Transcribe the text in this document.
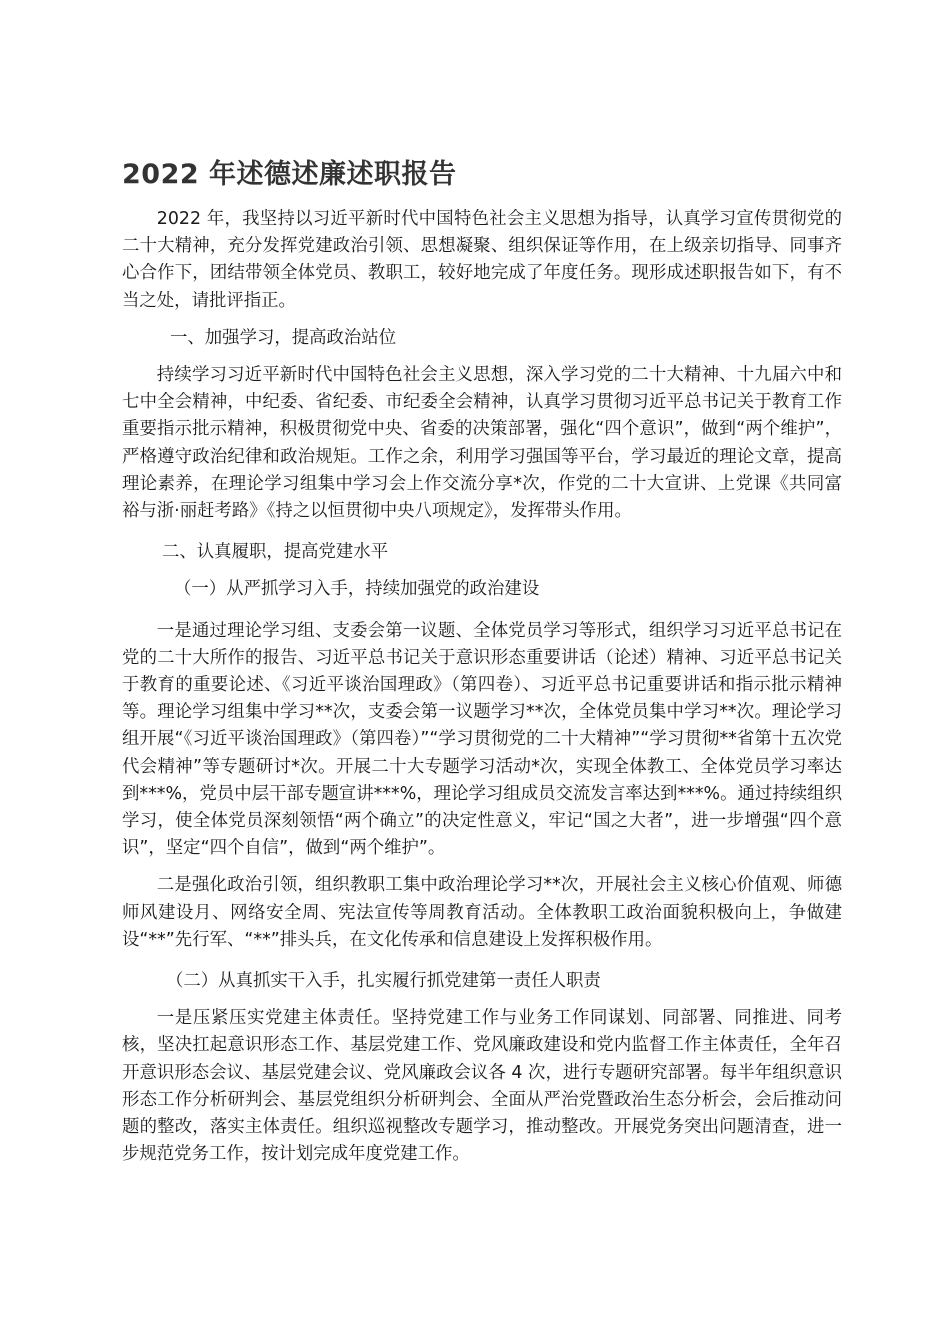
2022 年述德述廉述职报告

2022 年，我坚持以习近平新时代中国特色社会主义思想为指导，认真学习宣传贯彻党的二十大精神，充分发挥党建政治引领、思想凝聚、组织保证等作用，在上级亲切指导、同事齐心合作下，团结带领全体党员、教职工，较好地完成了年度任务。现形成述职报告如下，有不当之处，请批评指正。

一、加强学习，提高政治站位

持续学习习近平新时代中国特色社会主义思想，深入学习党的二十大精神、十九届六中和七中全会精神，中纪委、省纪委、市纪委全会精神，认真学习贯彻习近平总书记关于教育工作重要指示批示精神，积极贯彻党中央、省委的决策部署，强化“四个意识”，做到“两个维护”，严格遵守政治纪律和政治规矩。工作之余，利用学习强国等平台，学习最近的理论文章，提高理论素养，在理论学习组集中学习会上作交流分享*次，作党的二十大宣讲、上党课《共同富裕与浙·丽赶考路》《持之以恒贯彻中央八项规定》，发挥带头作用。

二、认真履职，提高党建水平

（一）从严抓学习入手，持续加强党的政治建设

一是通过理论学习组、支委会第一议题、全体党员学习等形式，组织学习习近平总书记在党的二十大所作的报告、习近平总书记关于意识形态重要讲话（论述）精神、习近平总书记关于教育的重要论述、《习近平谈治国理政》（第四卷）、习近平总书记重要讲话和指示批示精神等。理论学习组集中学习**次，支委会第一议题学习**次，全体党员集中学习**次。理论学习组开展“《习近平谈治国理政》（第四卷）”“学习贯彻党的二十大精神”“学习贯彻**省第十五次党代会精神”等专题研讨*次。开展二十大专题学习活动*次，实现全体教工、全体党员学习率达到***%，党员中层干部专题宣讲***%，理论学习组成员交流发言率达到***%。通过持续组织学习，使全体党员深刻领悟“两个确立”的决定性意义，牢记“国之大者”，进一步增强“四个意识”，坚定“四个自信”，做到“两个维护”。

二是强化政治引领，组织教职工集中政治理论学习**次，开展社会主义核心价值观、师德师风建设月、网络安全周、宪法宣传等周教育活动。全体教职工政治面貌积极向上，争做建设“**”先行军、“**”排头兵，在文化传承和信息建设上发挥积极作用。

（二）从真抓实干入手，扎实履行抓党建第一责任人职责

一是压紧压实党建主体责任。坚持党建工作与业务工作同谋划、同部署、同推进、同考核，坚决扛起意识形态工作、基层党建工作、党风廉政建设和党内监督工作主体责任，全年召开意识形态会议、基层党建会议、党风廉政会议各 4 次，进行专题研究部署。每半年组织意识形态工作分析研判会、基层党组织分析研判会、全面从严治党暨政治生态分析会，会后推动问题的整改，落实主体责任。组织巡视整改专题学习，推动整改。开展党务突出问题清查，进一步规范党务工作，按计划完成年度党建工作。
